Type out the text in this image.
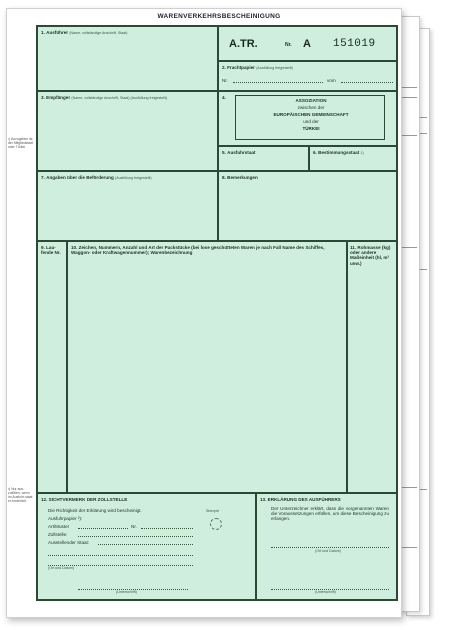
WARENVERKEHRSBESCHEINIGUNG
¹) Anzugeben ist der Mitgliedstaat oder Türkei
²) Nur aus-zufüllen, wenn im Ausfuhr-staat er-forderlich.
1. Ausführer (Name, vollständige Anschrift, Staat)
A.TR.	Nr. A 151019
2. Frachtpapier (Ausfüllung freigestellt)
Nr.	vom
3. Empfänger (Name, vollständige Anschrift, Staat) (Ausfüllung freigestellt)	4.
ASSOZIATION
zwischen der
EUROPÄISCHEN GEMEINSCHAFT
und der
TÜRKEI
5. Ausfuhrstaat	6. Bestimmungsstaat 1)
7. Angaben über die Beförderung (Ausfüllung freigestellt)	8. Bemerkungen
9. Lau-fende Nr.
10. Zeichen, Nummern, Anzahl und Art der Packstücke (bei lose geschütteten Waren je nach Fall Name des Schiffes, Waggon- oder Kraftwagennummer); Warenbezeichnung
11. Rohmasse (kg) oder andere Maßeinheit (hl, m³ usw.)
12. SICHTVERMERK DER ZOLLSTELLE
Die Richtigkeit der Erklärung wird bescheinigt.	Stempel
Ausfuhrpapier ²):
Art/Muster	Nr.
Zollstelle:
Ausstellender Staat:
(Ort und Datum)
(Unterschrift)
13. ERKLÄRUNG DES AUSFÜHRERS
Der Unterzeichner erklärt, dass die vorgenannten Waren die Voraussetzungen erfüllen, um diese Bescheinigung zu erlangen.
(Ort und Datum)
(Unterschrift)
